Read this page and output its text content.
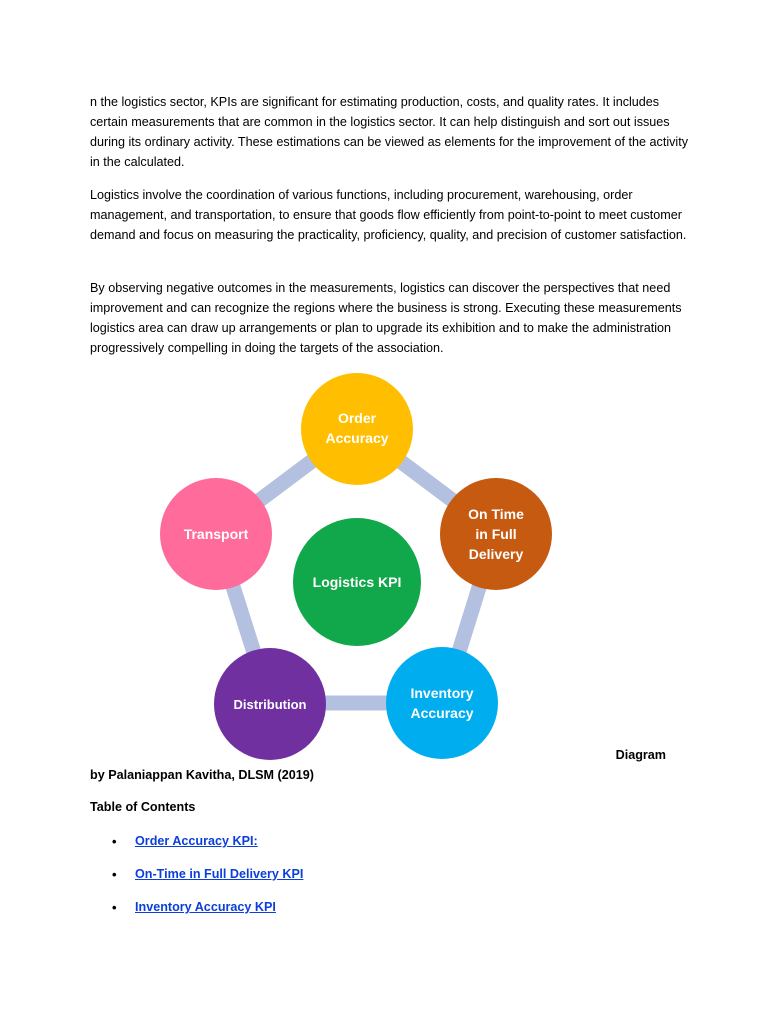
n the logistics sector, KPIs are significant for estimating production, costs, and quality rates. It includes certain measurements that are common in the logistics sector. It can help distinguish and sort out issues during its ordinary activity. These estimations can be viewed as elements for the improvement of the activity in the calculated.

Logistics involve the coordination of various functions, including procurement, warehousing, order management, and transportation, to ensure that goods flow efficiently from point-to-point to meet customer demand and focus on measuring the practicality, proficiency, quality, and precision of customer satisfaction.

By observing negative outcomes in the measurements, logistics can discover the perspectives that need improvement and can recognize the regions where the business is strong. Executing these measurements logistics area can draw up arrangements or plan to upgrade its exhibition and to make the administration progressively compelling in doing the targets of the association.

Logistics KPI
Order
Accuracy
On Time
in Full
Delivery
Inventory
Accuracy
Distribution
Transport
Diagram
by Palaniappan Kavitha, DLSM (2019)
Table of Contents
• Order Accuracy KPI:
• On-Time in Full Delivery KPI
• Inventory Accuracy KPI
